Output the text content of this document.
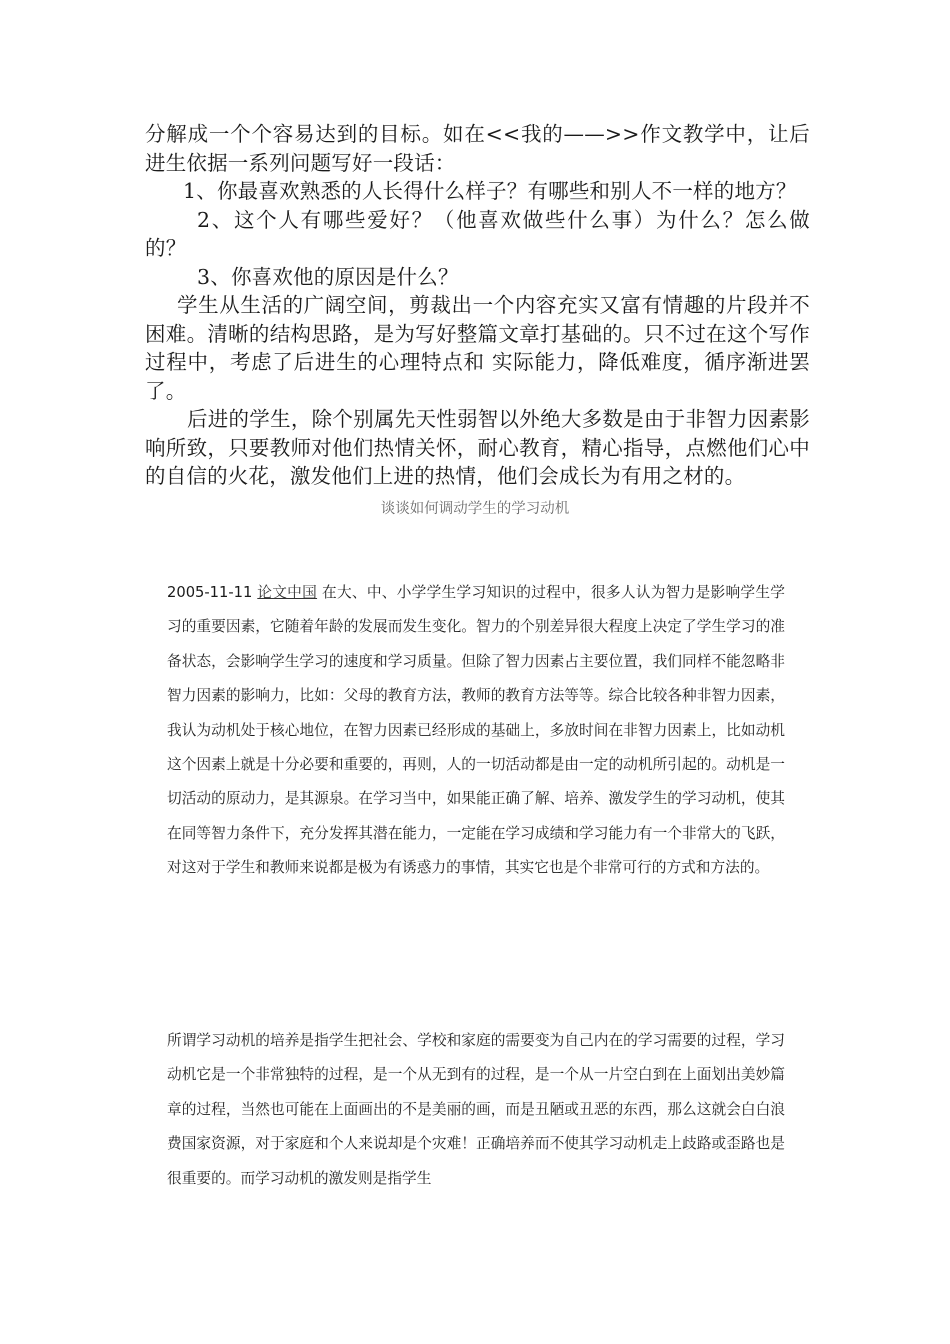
分解成一个个容易达到的目标。如在<<我的——>>作文教学中，让后进生依据一系列问题写好一段话：

1、你最喜欢熟悉的人长得什么样子？有哪些和别人不一样的地方？

2、这个人有哪些爱好？（他喜欢做些什么事）为什么？怎么做的？

3、你喜欢他的原因是什么？

学生从生活的广阔空间，剪裁出一个内容充实又富有情趣的片段并不困难。清晰的结构思路，是为写好整篇文章打基础的。只不过在这个写作过程中，考虑了后进生的心理特点和 实际能力，降低难度，循序渐进罢了。

后进的学生，除个别属先天性弱智以外绝大多数是由于非智力因素影响所致，只要教师对他们热情关怀，耐心教育，精心指导，点燃他们心中的自信的火花，激发他们上进的热情，他们会成长为有用之材的。

谈谈如何调动学生的学习动机

2005-11-11 论文中国 在大、中、小学学生学习知识的过程中，很多人认为智力是影响学生学习的重要因素，它随着年龄的发展而发生变化。智力的个别差异很大程度上决定了学生学习的准备状态，会影响学生学习的速度和学习质量。但除了智力因素占主要位置，我们同样不能忽略非智力因素的影响力，比如：父母的教育方法，教师的教育方法等等。综合比较各种非智力因素，我认为动机处于核心地位，在智力因素已经形成的基础上，多放时间在非智力因素上，比如动机这个因素上就是十分必要和重要的，再则，人的一切活动都是由一定的动机所引起的。动机是一切活动的原动力，是其源泉。在学习当中，如果能正确了解、培养、激发学生的学习动机，使其在同等智力条件下，充分发挥其潜在能力，一定能在学习成绩和学习能力有一个非常大的飞跃，对这对于学生和教师来说都是极为有诱惑力的事情，其实它也是个非常可行的方式和方法的。

所谓学习动机的培养是指学生把社会、学校和家庭的需要变为自己内在的学习需要的过程，学习动机它是一个非常独特的过程，是一个从无到有的过程，是一个从一片空白到在上面划出美妙篇章的过程，当然也可能在上面画出的不是美丽的画，而是丑陋或丑恶的东西，那么这就会白白浪费国家资源，对于家庭和个人来说却是个灾难！正确培养而不使其学习动机走上歧路或歪路也是很重要的。而学习动机的激发则是指学生
